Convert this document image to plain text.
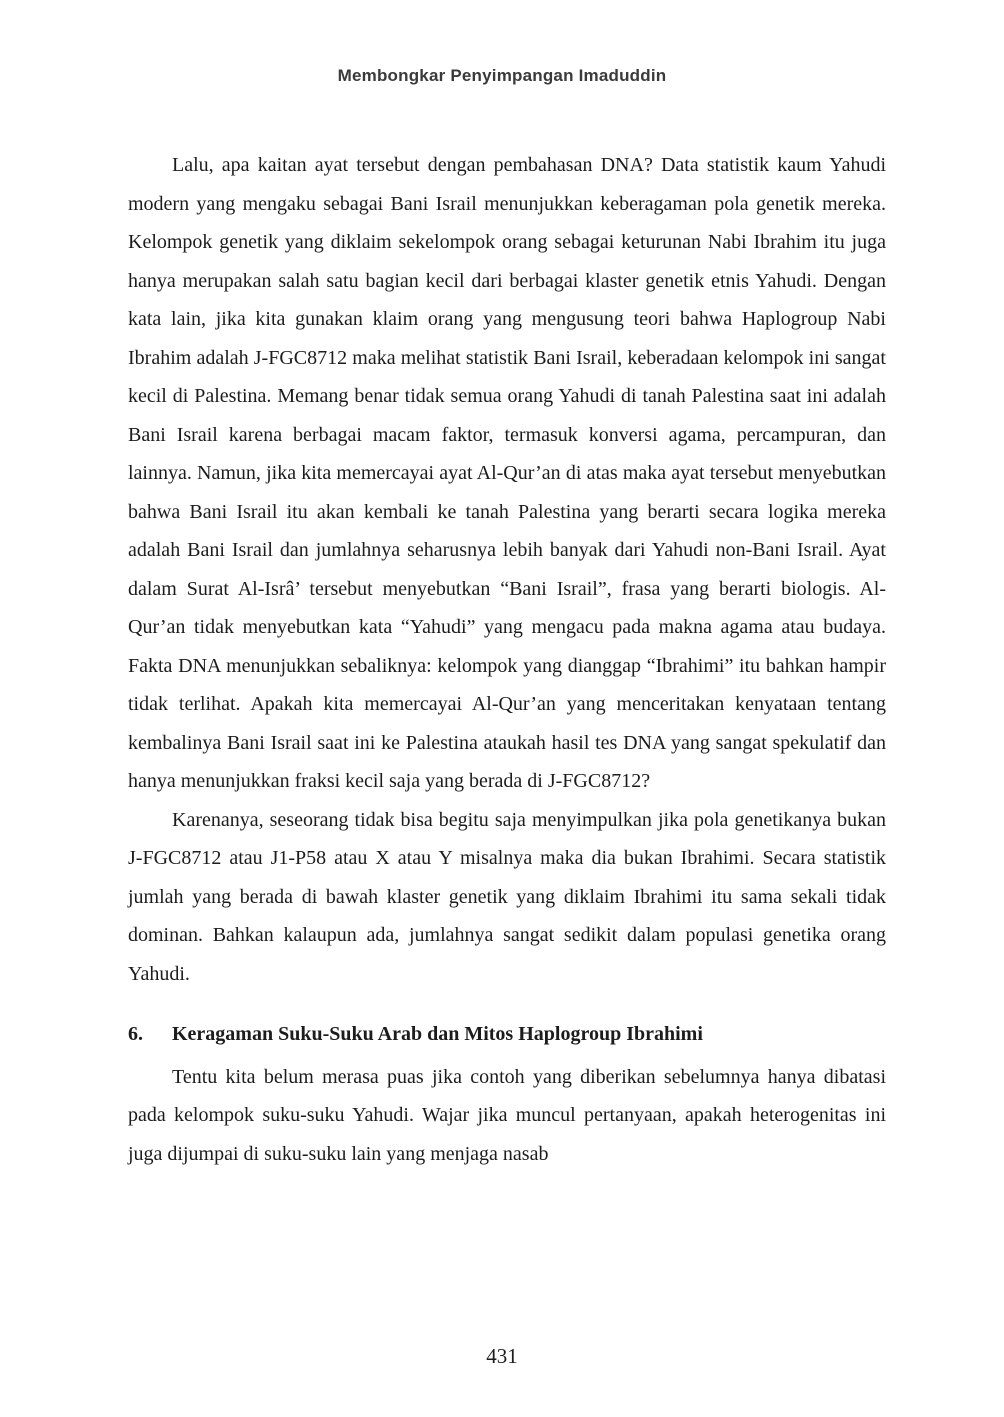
Membongkar Penyimpangan Imaduddin

Lalu, apa kaitan ayat tersebut dengan pembahasan DNA? Data statistik kaum Yahudi modern yang mengaku sebagai Bani Israil menunjukkan keberagaman pola genetik mereka. Kelompok genetik yang diklaim sekelompok orang sebagai keturunan Nabi Ibrahim itu juga hanya merupakan salah satu bagian kecil dari berbagai klaster genetik etnis Yahudi. Dengan kata lain, jika kita gunakan klaim orang yang mengusung teori bahwa Haplogroup Nabi Ibrahim adalah J-FGC8712 maka melihat statistik Bani Israil, keberadaan kelompok ini sangat kecil di Palestina. Memang benar tidak semua orang Yahudi di tanah Palestina saat ini adalah Bani Israil karena berbagai macam faktor, termasuk konversi agama, percampuran, dan lainnya. Namun, jika kita memercayai ayat Al-Qur’an di atas maka ayat tersebut menyebutkan bahwa Bani Israil itu akan kembali ke tanah Palestina yang berarti secara logika mereka adalah Bani Israil dan jumlahnya seharusnya lebih banyak dari Yahudi non-Bani Israil. Ayat dalam Surat Al-Isrâ’ tersebut menyebutkan “Bani Israil”, frasa yang berarti biologis. Al-Qur’an tidak menyebutkan kata “Yahudi” yang mengacu pada makna agama atau budaya. Fakta DNA menunjukkan sebaliknya: kelompok yang dianggap “Ibrahimi” itu bahkan hampir tidak terlihat. Apakah kita memercayai Al-Qur’an yang menceritakan kenyataan tentang kembalinya Bani Israil saat ini ke Palestina ataukah hasil tes DNA yang sangat spekulatif dan hanya menunjukkan fraksi kecil saja yang berada di J-FGC8712?

Karenanya, seseorang tidak bisa begitu saja menyimpulkan jika pola genetikanya bukan J-FGC8712 atau J1-P58 atau X atau Y misalnya maka dia bukan Ibrahimi. Secara statistik jumlah yang berada di bawah klaster genetik yang diklaim Ibrahimi itu sama sekali tidak dominan. Bahkan kalaupun ada, jumlahnya sangat sedikit dalam populasi genetika orang Yahudi.

6.	Keragaman Suku-Suku Arab dan Mitos Haplogroup Ibrahimi

Tentu kita belum merasa puas jika contoh yang diberikan sebelumnya hanya dibatasi pada kelompok suku-suku Yahudi. Wajar jika muncul pertanyaan, apakah heterogenitas ini juga dijumpai di suku-suku lain yang menjaga nasab

431
